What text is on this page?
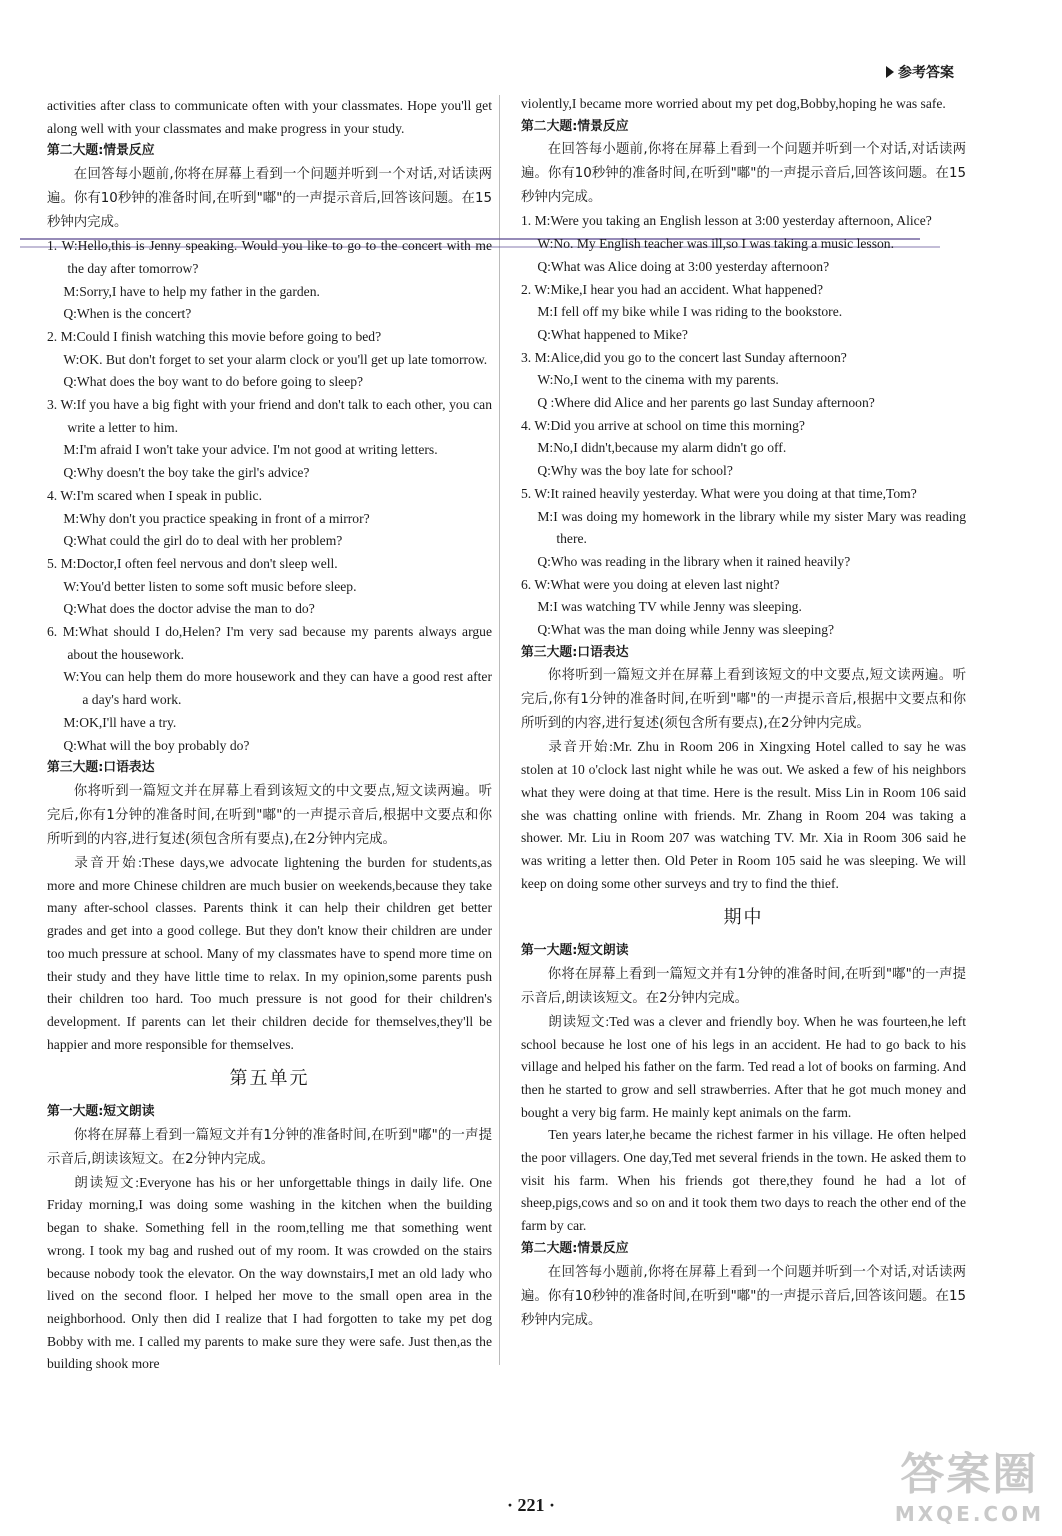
参考答案

activities after class to communicate often with your classmates. Hope you'll get along well with your classmates and make progress in your study.

第二大题:情景反应

在回答每小题前,你将在屏幕上看到一个问题并听到一个对话,对话读两遍。你有10秒钟的准备时间,在听到"嘟"的一声提示音后,回答该问题。在15秒钟内完成。

1. W:Hello,this is Jenny speaking. Would you like to go to the concert with me the day after tomorrow?

M:Sorry,I have to help my father in the garden.

Q:When is the concert?

2. M:Could I finish watching this movie before going to bed?

W:OK. But don't forget to set your alarm clock or you'll get up late tomorrow.

Q:What does the boy want to do before going to sleep?

3. W:If you have a big fight with your friend and don't talk to each other, you can write a letter to him.

M:I'm afraid I won't take your advice. I'm not good at writing letters.

Q:Why doesn't the boy take the girl's advice?

4. W:I'm scared when I speak in public.

M:Why don't you practice speaking in front of a mirror?

Q:What could the girl do to deal with her problem?

5. M:Doctor,I often feel nervous and don't sleep well.

W:You'd better listen to some soft music before sleep.

Q:What does the doctor advise the man to do?

6. M:What should I do,Helen? I'm very sad because my parents always argue about the housework.

W:You can help them do more housework and they can have a good rest after a day's hard work.

M:OK,I'll have a try.

Q:What will the boy probably do?

第三大题:口语表达

你将听到一篇短文并在屏幕上看到该短文的中文要点,短文读两遍。听完后,你有1分钟的准备时间,在听到"嘟"的一声提示音后,根据中文要点和你所听到的内容,进行复述(须包含所有要点),在2分钟内完成。

录音开始:These days,we advocate lightening the burden for students,as more and more Chinese children are much busier on weekends,because they take many after-school classes. Parents think it can help their children get better grades and get into a good college. But they don't know their children are under too much pressure at school. Many of my classmates have to spend more time on their study and they have little time to relax. In my opinion,some parents push their children too hard. Too much pressure is not good for their children's development. If parents can let their children decide for themselves,they'll be happier and more responsible for themselves.

第五单元

第一大题:短文朗读

你将在屏幕上看到一篇短文并有1分钟的准备时间,在听到"嘟"的一声提示音后,朗读该短文。在2分钟内完成。

朗读短文:Everyone has his or her unforgettable things in daily life. One Friday morning,I was doing some washing in the kitchen when the building began to shake. Something fell in the room,telling me that something went wrong. I took my bag and rushed out of my room. It was crowded on the stairs because nobody took the elevator. On the way downstairs,I met an old lady who lived on the second floor. I helped her move to the small open area in the neighborhood. Only then did I realize that I had forgotten to take my pet dog Bobby with me. I called my parents to make sure they were safe. Just then,as the building shook more

violently,I became more worried about my pet dog,Bobby,hoping he was safe.

第二大题:情景反应

在回答每小题前,你将在屏幕上看到一个问题并听到一个对话,对话读两遍。你有10秒钟的准备时间,在听到"嘟"的一声提示音后,回答该问题。在15秒钟内完成。

1. M:Were you taking an English lesson at 3:00 yesterday afternoon, Alice?

W:No. My English teacher was ill,so I was taking a music lesson.

Q:What was Alice doing at 3:00 yesterday afternoon?

2. W:Mike,I hear you had an accident. What happened?

M:I fell off my bike while I was riding to the bookstore.

Q:What happened to Mike?

3. M:Alice,did you go to the concert last Sunday afternoon?

W:No,I went to the cinema with my parents.

Q :Where did Alice and her parents go last Sunday afternoon?

4. W:Did you arrive at school on time this morning?

M:No,I didn't,because my alarm didn't go off.

Q:Why was the boy late for school?

5. W:It rained heavily yesterday. What were you doing at that time,Tom?

M:I was doing my homework in the library while my sister Mary was reading there.

Q:Who was reading in the library when it rained heavily?

6. W:What were you doing at eleven last night?

M:I was watching TV while Jenny was sleeping.

Q:What was the man doing while Jenny was sleeping?

第三大题:口语表达

你将听到一篇短文并在屏幕上看到该短文的中文要点,短文读两遍。听完后,你有1分钟的准备时间,在听到"嘟"的一声提示音后,根据中文要点和你所听到的内容,进行复述(须包含所有要点),在2分钟内完成。

录音开始:Mr. Zhu in Room 206 in Xingxing Hotel called to say he was stolen at 10 o'clock last night while he was out. We asked a few of his neighbors what they were doing at that time. Here is the result. Miss Lin in Room 106 said she was chatting online with friends. Mr. Zhang in Room 204 was taking a shower. Mr. Liu in Room 207 was watching TV. Mr. Xia in Room 306 said he was writing a letter then. Old Peter in Room 105 said he was sleeping. We will keep on doing some other surveys and try to find the thief.

期中

第一大题:短文朗读

你将在屏幕上看到一篇短文并有1分钟的准备时间,在听到"嘟"的一声提示音后,朗读该短文。在2分钟内完成。

朗读短文:Ted was a clever and friendly boy. When he was fourteen,he left school because he lost one of his legs in an accident. He had to go back to his village and helped his father on the farm. Ted read a lot of books on farming. And then he started to grow and sell strawberries. After that he got much money and bought a very big farm. He mainly kept animals on the farm.

Ten years later,he became the richest farmer in his village. He often helped the poor villagers. One day,Ted met several friends in the town. He asked them to visit his farm. When his friends got there,they found he had a lot of sheep,pigs,cows and so on and it took them two days to reach the other end of the farm by car.

第二大题:情景反应

在回答每小题前,你将在屏幕上看到一个问题并听到一个对话,对话读两遍。你有10秒钟的准备时间,在听到"嘟"的一声提示音后,回答该问题。在15秒钟内完成。

· 221 ·
答案圈
MXQE.COM
